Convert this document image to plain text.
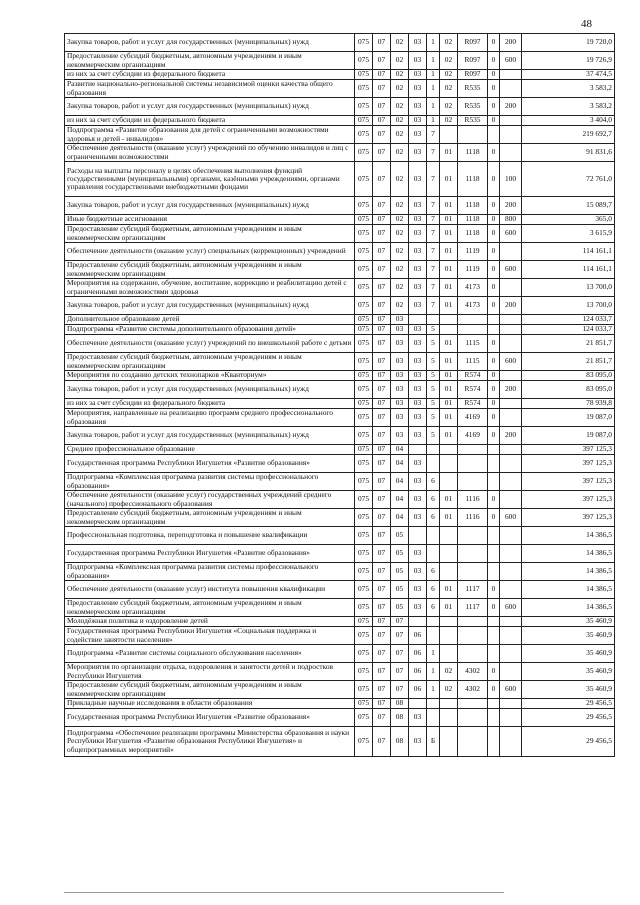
48
Закупка товаров, работ и услуг для государственных (муниципальных) нужд	075	07	02	03	1	02	R097	0	200	19 720,0
Предоставление субсидий бюджетным, автономным учреждениям и иным некоммерческим организациям	075	07	02	03	1	02	R097	0	600	19 726,9
из них за счет субсидии из федерального бюджета	075	07	02	03	1	02	R097	0		37 474,5
Развитие национально-региональной системы независимой оценки качества общего образования	075	07	02	03	1	02	R535	0		3 583,2
Закупка товаров, работ и услуг для государственных (муниципальных) нужд	075	07	02	03	1	02	R535	0	200	3 583,2
из них за счет субсидии из федерального бюджета	075	07	02	03	1	02	R535	0		3 404,0
Подпрограмма «Развитие образования для детей с ограниченными возможностями здоровья и детей - инвалидов»	075	07	02	03	7					219 692,7
Обеспечение деятельности (оказание услуг) учреждений по обучению инвалидов и лиц с ограниченными возможностями	075	07	02	03	7	01	1118	0		91 831,6
Расходы на выплаты персоналу в целях обеспечения выполнения функций государственными (муниципальными) органами, казёнными учреждениями, органами управления государственными внебюджетными фондами	075	07	02	03	7	01	1118	0	100	72 761,0
Закупка товаров, работ и услуг для государственных (муниципальных) нужд	075	07	02	03	7	01	1118	0	200	15 089,7
Иные бюджетные ассигнования	075	07	02	03	7	01	1118	0	800	365,0
Предоставление субсидий бюджетным, автономным учреждениям и иным некоммерческим организациям	075	07	02	03	7	01	1118	0	600	3 615,9
Обеспечение деятельности (оказание услуг) специальных (коррекционных) учреждений	075	07	02	03	7	01	1119	0		114 161,1
Предоставление субсидий бюджетным, автономным учреждениям и иным некоммерческим организациям	075	07	02	03	7	01	1119	0	600	114 161,1
Мероприятия на содержание, обучение, воспитание, коррекцию и реабилитацию детей с ограниченными возможностями здоровья	075	07	02	03	7	01	4173	0		13 700,0
Закупка товаров, работ и услуг для государственных (муниципальных) нужд	075	07	02	03	7	01	4173	0	200	13 700,0
Дополнительное образование детей	075	07	03							124 033,7
Подпрограмма «Развитие системы дополнительного образования детей»	075	07	03	03	5					124 033,7
Обеспечение деятельности (оказание услуг) учреждений по внешкольной работе с детьми	075	07	03	03	5	01	1115	0		21 851,7
Предоставление субсидий бюджетным, автономным учреждениям и иным некоммерческим организациям	075	07	03	03	5	01	1115	0	600	21 851,7
Мероприятия по созданию детских технопарков «Кванториум»	075	07	03	03	5	01	R574	0		83 095,0
Закупка товаров, работ и услуг для государственных (муниципальных) нужд	075	07	03	03	5	01	R574	0	200	83 095,0
из них за счет субсидии из федерального бюджета	075	07	03	03	5	01	R574	0		78 939,8
Мероприятия, направленные на реализацию программ среднего профессионального образования	075	07	03	03	5	01	4169	0		19 087,0
Закупка товаров, работ и услуг для государственных (муниципальных) нужд	075	07	03	03	5	01	4169	0	200	19 087,0
Среднее профессиональное образование	075	07	04							397 125,3
Государственная программа Республики Ингушетия «Развитие образования»	075	07	04	03						397 125,3
Подпрограмма «Комплексная программа развития системы профессионального образования»	075	07	04	03	6					397 125,3
Обеспечение деятельности (оказание услуг) государственных учреждений среднего (начального) профессионального образования	075	07	04	03	6	01	1116	0		397 125,3
Предоставление субсидий бюджетным, автономным учреждениям и иным некоммерческим организациям	075	07	04	03	6	01	1116	0	600	397 125,3
Профессиональная подготовка, переподготовка и повышение квалификации	075	07	05							14 386,5
Государственная программа Республики Ингушетия «Развитие образования»	075	07	05	03						14 386,5
Подпрограмма «Комплексная программа развития системы профессионального образования»	075	07	05	03	6					14 386,5
Обеспечение деятельности (оказание услуг) института повышения квалификации	075	07	05	03	6	01	1117	0		14 386,5
Предоставление субсидий бюджетным, автономным учреждениям и иным некоммерческим организациям	075	07	05	03	6	01	1117	0	600	14 386,5
Молодёжная политика и оздоровление детей	075	07	07							35 460,9
Государственная программа Республики Ингушетия «Социальная поддержка и содействие занятости населения»	075	07	07	06						35 460,9
Подпрограмма «Развитие системы социального обслуживания населения»	075	07	07	06	1					35 460,9
Мероприятия по организации отдыха, оздоровления и занятости детей и подростков Республики Ингушетия	075	07	07	06	1	02	4302	0		35 460,9
Предоставление субсидий бюджетным, автономным учреждениям и иным некоммерческим организациям	075	07	07	06	1	02	4302	0	600	35 460,9
Прикладные научные исследования в области образования	075	07	08							29 456,5
Государственная программа Республики Ингушетия «Развитие образования»	075	07	08	03						29 456,5
Подпрограмма «Обеспечение реализации программы Министерства образования и науки Республики Ингушетия «Развитие образования Республики Ингушетия» и общепрограммных мероприятий»	075	07	08	03	Б					29 456,5
